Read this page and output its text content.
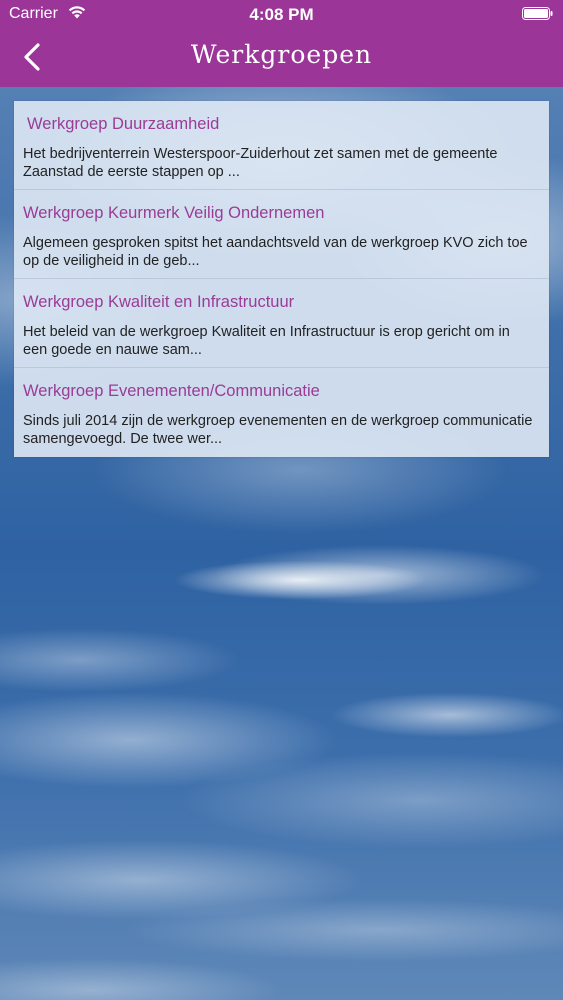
Carrier	4:08 PM
Werkgroepen
Werkgroep Duurzaamheid
Het bedrijventerrein Westerspoor-Zuiderhout zet samen met de gemeente Zaanstad de eerste stappen op ...
Werkgroep Keurmerk Veilig Ondernemen
Algemeen gesproken spitst het aandachtsveld van de werkgroep KVO zich toe op de veiligheid in de geb...
Werkgroep Kwaliteit en Infrastructuur
Het beleid van de werkgroep Kwaliteit en Infrastructuur is erop gericht om in een goede en nauwe sam...
Werkgroep Evenementen/Communicatie
Sinds juli 2014 zijn de werkgroep evenementen en de werkgroep communicatie samengevoegd. De twee wer...
